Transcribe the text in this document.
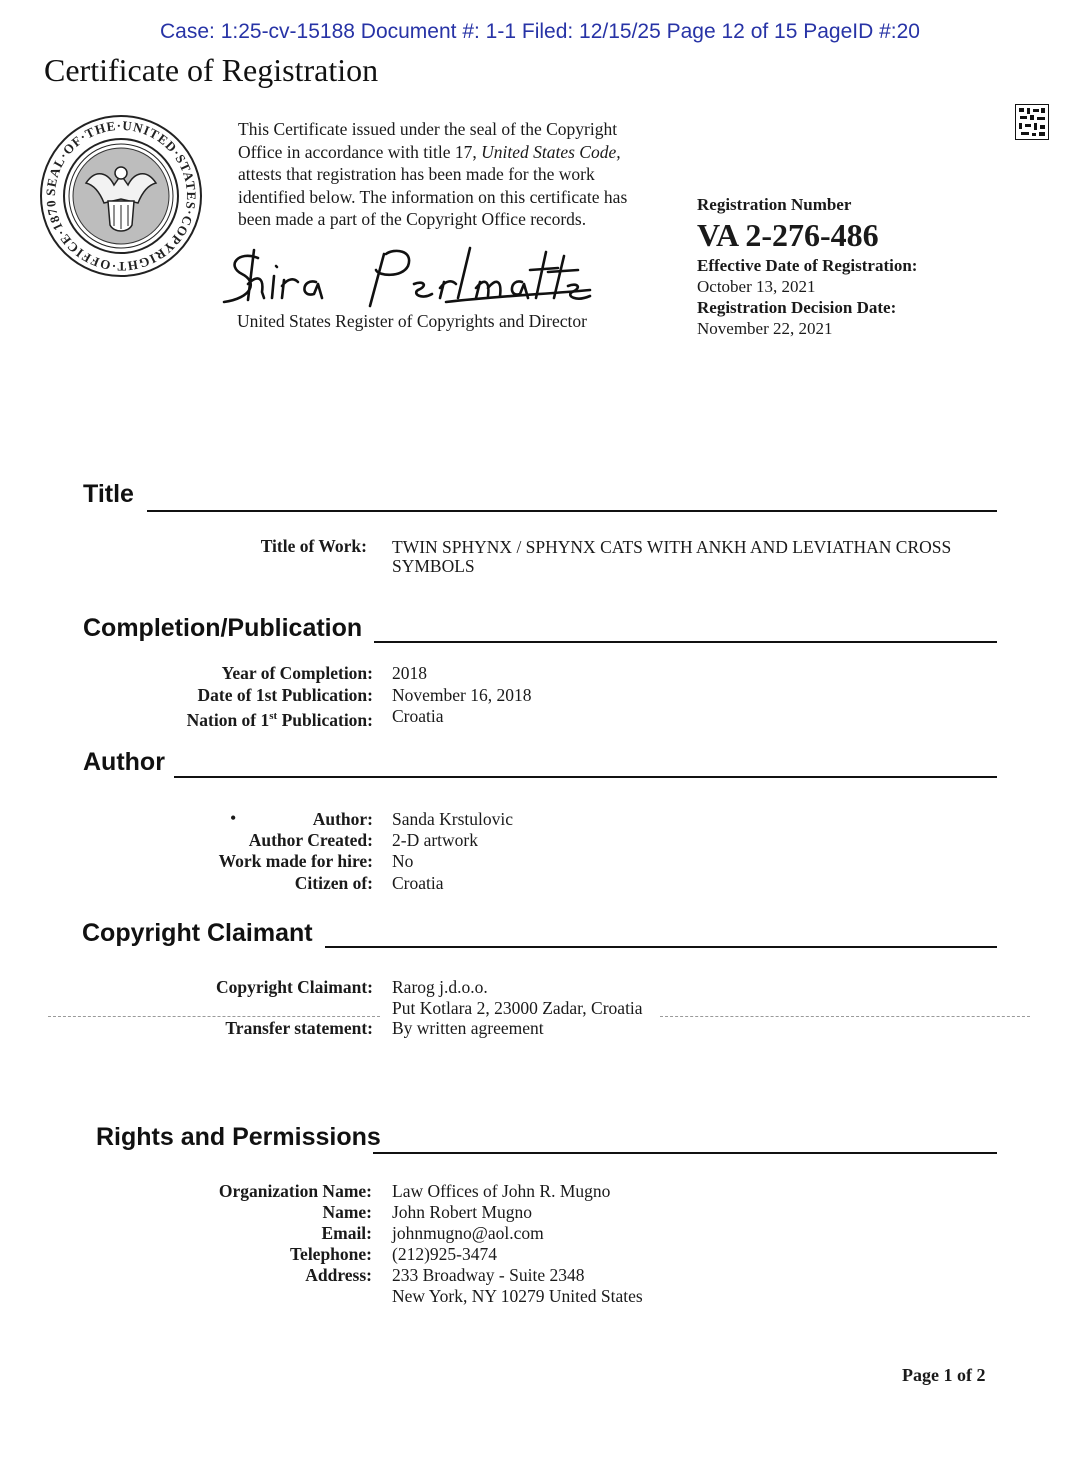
Case: 1:25-cv-15188 Document #: 1-1 Filed: 12/15/25 Page 12 of 15 PageID #:20
Certificate of Registration
SEAL·OF·THE·UNITED·STATES·COPYRIGHT·OFFICE·1870
This Certificate issued under the seal of the Copyright Office in accordance with title 17, United States Code, attests that registration has been made for the work identified below. The information on this certificate has been made a part of the Copyright Office records.
United States Register of Copyrights and Director
Registration Number
VA 2-276-486
Effective Date of Registration:
October 13, 2021
Registration Decision Date:
November 22, 2021
Title
Title of Work: TWIN SPHYNX / SPHYNX CATS WITH ANKH AND LEVIATHAN CROSS
SYMBOLS
Completion/Publication
Year of Completion: 2018
Date of 1st Publication: November 16, 2018
Nation of 1st Publication: Croatia
Author
•	Author: Sanda Krstulovic
Author Created: 2-D artwork
Work made for hire: No
Citizen of: Croatia
Copyright Claimant
Copyright Claimant: Rarog j.d.o.o.
Put Kotlara 2, 23000 Zadar, Croatia
Transfer statement: By written agreement
Rights and Permissions
Organization Name: Law Offices of John R. Mugno
Name: John Robert Mugno
Email: johnmugno@aol.com
Telephone: (212)925-3474
Address: 233 Broadway - Suite 2348
New York, NY 10279 United States
Page 1 of 2
